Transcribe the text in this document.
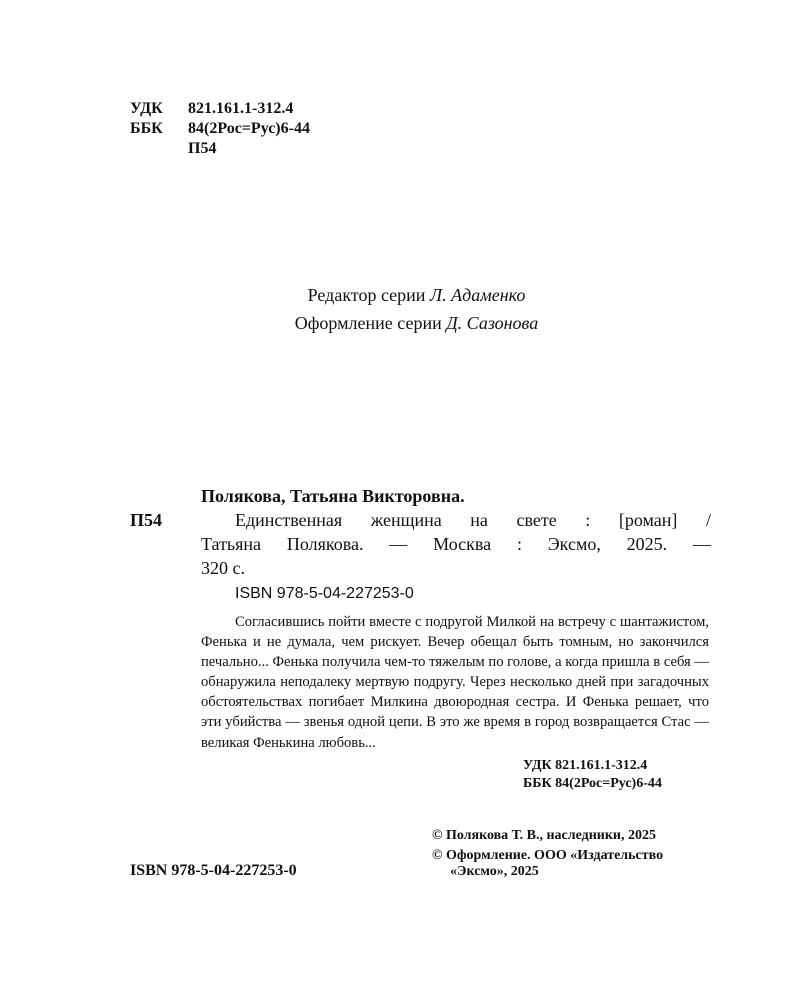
УДК 821.161.1-312.4
ББК 84(2Рос=Рус)6-44
П54
Редактор серии Л. Адаменко
Оформление серии Д. Сазонова
Полякова, Татьяна Викторовна.
П54	Единственная женщина на свете : [роман] /
Татьяна Полякова. — Москва : Эксмо, 2025. —
320 с.
ISBN 978-5-04-227253-0
Согласившись пойти вместе с подругой Милкой на встречу с шантажистом, Фенька и не думала, чем рискует. Вечер обещал быть томным, но закончился печально... Фенька получила чем-то тяжелым по голове, а когда пришла в себя — обнаружила неподалеку мертвую подругу. Через несколько дней при загадочных обстоятельствах погибает Милкина двоюродная сестра. И Фенька решает, что эти убийства — звенья одной цепи. В это же время в город возвращается Стас — великая Фенькина любовь...
УДК 821.161.1-312.4
ББК 84(2Рос=Рус)6-44
© Полякова Т. В., наследники, 2025
© Оформление. ООО «Издательство
«Эксмо», 2025
ISBN 978-5-04-227253-0
